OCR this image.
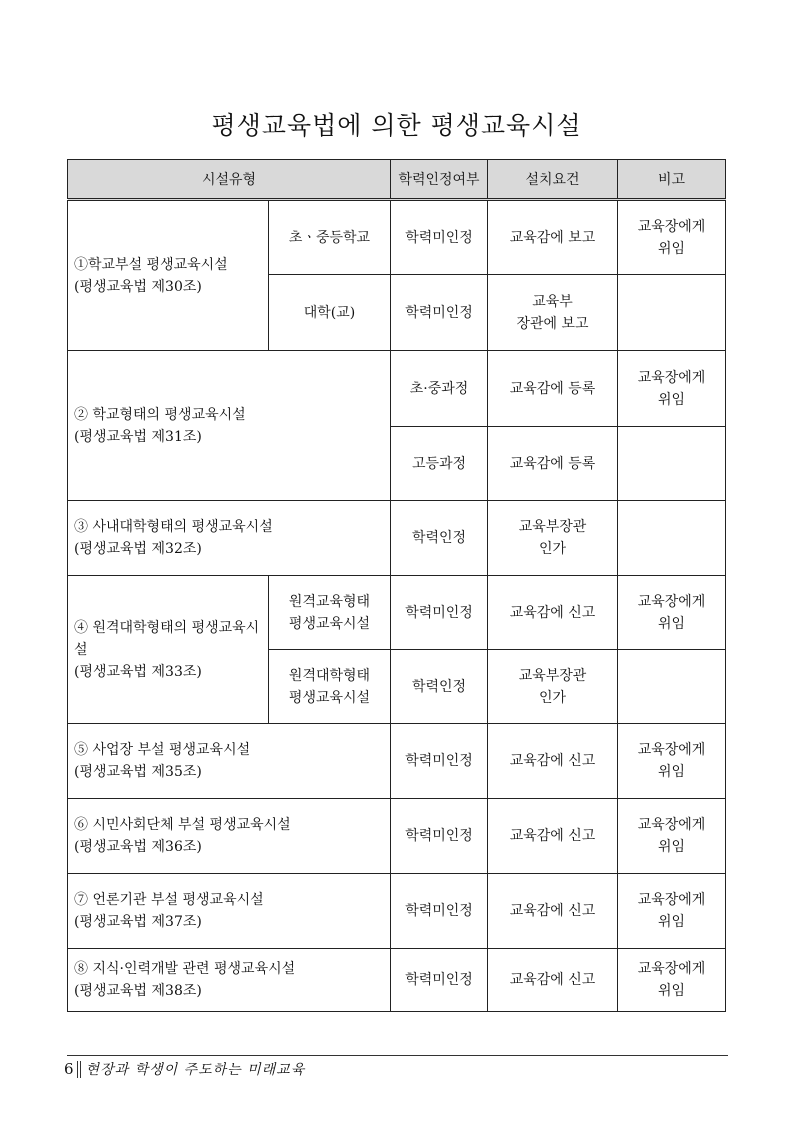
평생교육법에 의한 평생교육시설
시설유형		학력인정여부	설치요건	비고

①학교부설 평생교육시설
(평생교육법 제30조)	초ㆍ중등학교	학력미인정	교육감에 보고	교육장에게
위임

	대학(교)	학력미인정	교육부
장관에 보고	

② 학교형태의 평생교육시설
(평생교육법 제31조)		초·중과정	교육감에 등록	교육장에게
위임

		고등과정	교육감에 등록	

③ 사내대학형태의 평생교육시설
(평생교육법 제32조)		학력인정	교육부장관
인가	

④ 원격대학형태의 평생교육시설
(평생교육법 제33조)	원격교육형태
평생교육시설	학력미인정	교육감에 신고	교육장에게
위임

	원격대학형태
평생교육시설	학력인정	교육부장관
인가	

⑤ 사업장 부설 평생교육시설
(평생교육법 제35조)		학력미인정	교육감에 신고	교육장에게
위임

⑥ 시민사회단체 부설 평생교육시설
(평생교육법 제36조)		학력미인정	교육감에 신고	교육장에게
위임

⑦ 언론기관 부설 평생교육시설
(평생교육법 제37조)		학력미인정	교육감에 신고	교육장에게
위임

⑧ 지식·인력개발 관련 평생교육시설
(평생교육법 제38조)		학력미인정	교육감에 신고	교육장에게
위임
6 현장과 학생이 주도하는 미래교육
